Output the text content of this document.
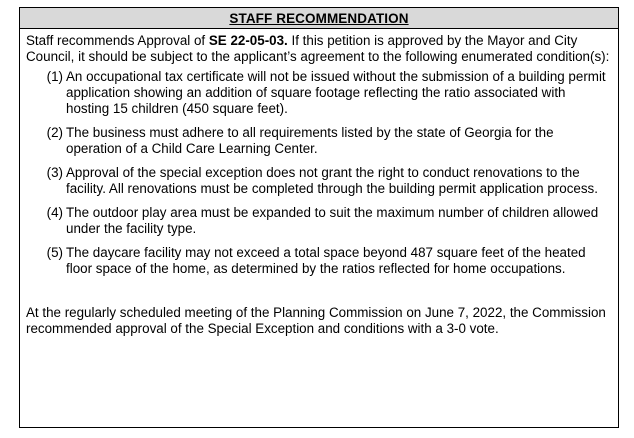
STAFF RECOMMENDATION

Staff recommends Approval of SE 22-05-03. If this petition is approved by the Mayor and City Council, it should be subject to the applicant’s agreement to the following enumerated condition(s):

(1) An occupational tax certificate will not be issued without the submission of a building permit application showing an addition of square footage reflecting the ratio associated with hosting 15 children (450 square feet).
(2) The business must adhere to all requirements listed by the state of Georgia for the operation of a Child Care Learning Center.
(3) Approval of the special exception does not grant the right to conduct renovations to the facility. All renovations must be completed through the building permit application process.
(4) The outdoor play area must be expanded to suit the maximum number of children allowed under the facility type.
(5) The daycare facility may not exceed a total space beyond 487 square feet of the heated floor space of the home, as determined by the ratios reflected for home occupations.

At the regularly scheduled meeting of the Planning Commission on June 7, 2022, the Commission recommended approval of the Special Exception and conditions with a 3-0 vote.
